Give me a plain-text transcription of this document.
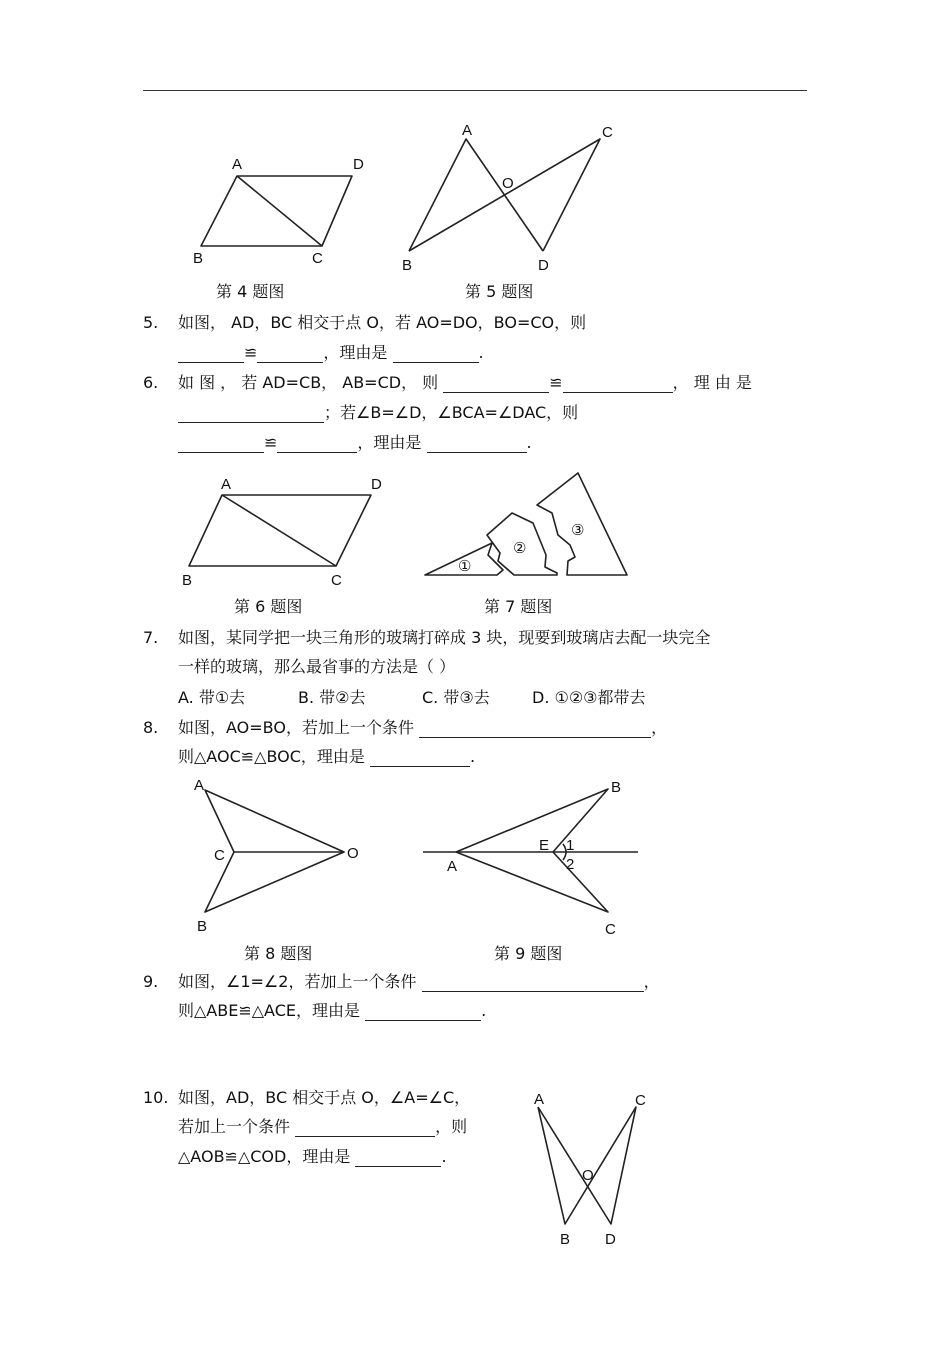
A	D
B	C
第 4 题图
A	C
O
B	D
第 5 题图
5. 如图， AD，BC 相交于点 O，若 AO=DO，BO=CO，则
≌	，理由是	.
6. 如 图 ， 若 AD=CB， AB=CD， 则	≌	， 理 由 是
；若∠B=∠D，∠BCA=∠DAC，则
≌	，理由是	.
A	D
B	C
第 6 题图
①
②
③
第 7 题图
7. 如图，某同学把一块三角形的玻璃打碎成 3 块，现要到玻璃店去配一块完全
一样的玻璃，那么最省事的方法是（ ）
A. 带①去	B. 带②去	C. 带③去	D. ①②③都带去
8. 如图，AO=BO，若加上一个条件	，
则△AOC≌△BOC，理由是	.
A
C	O
B
第 8 题图
A
B
C
E 1
2
第 9 题图
9. 如图，∠1=∠2，若加上一个条件	，
则△ABE≌△ACE，理由是	.
10. 如图，AD，BC 相交于点 O，∠A=∠C，
若加上一个条件	，则
△AOB≌△COD，理由是	.
A	C
O
B D
